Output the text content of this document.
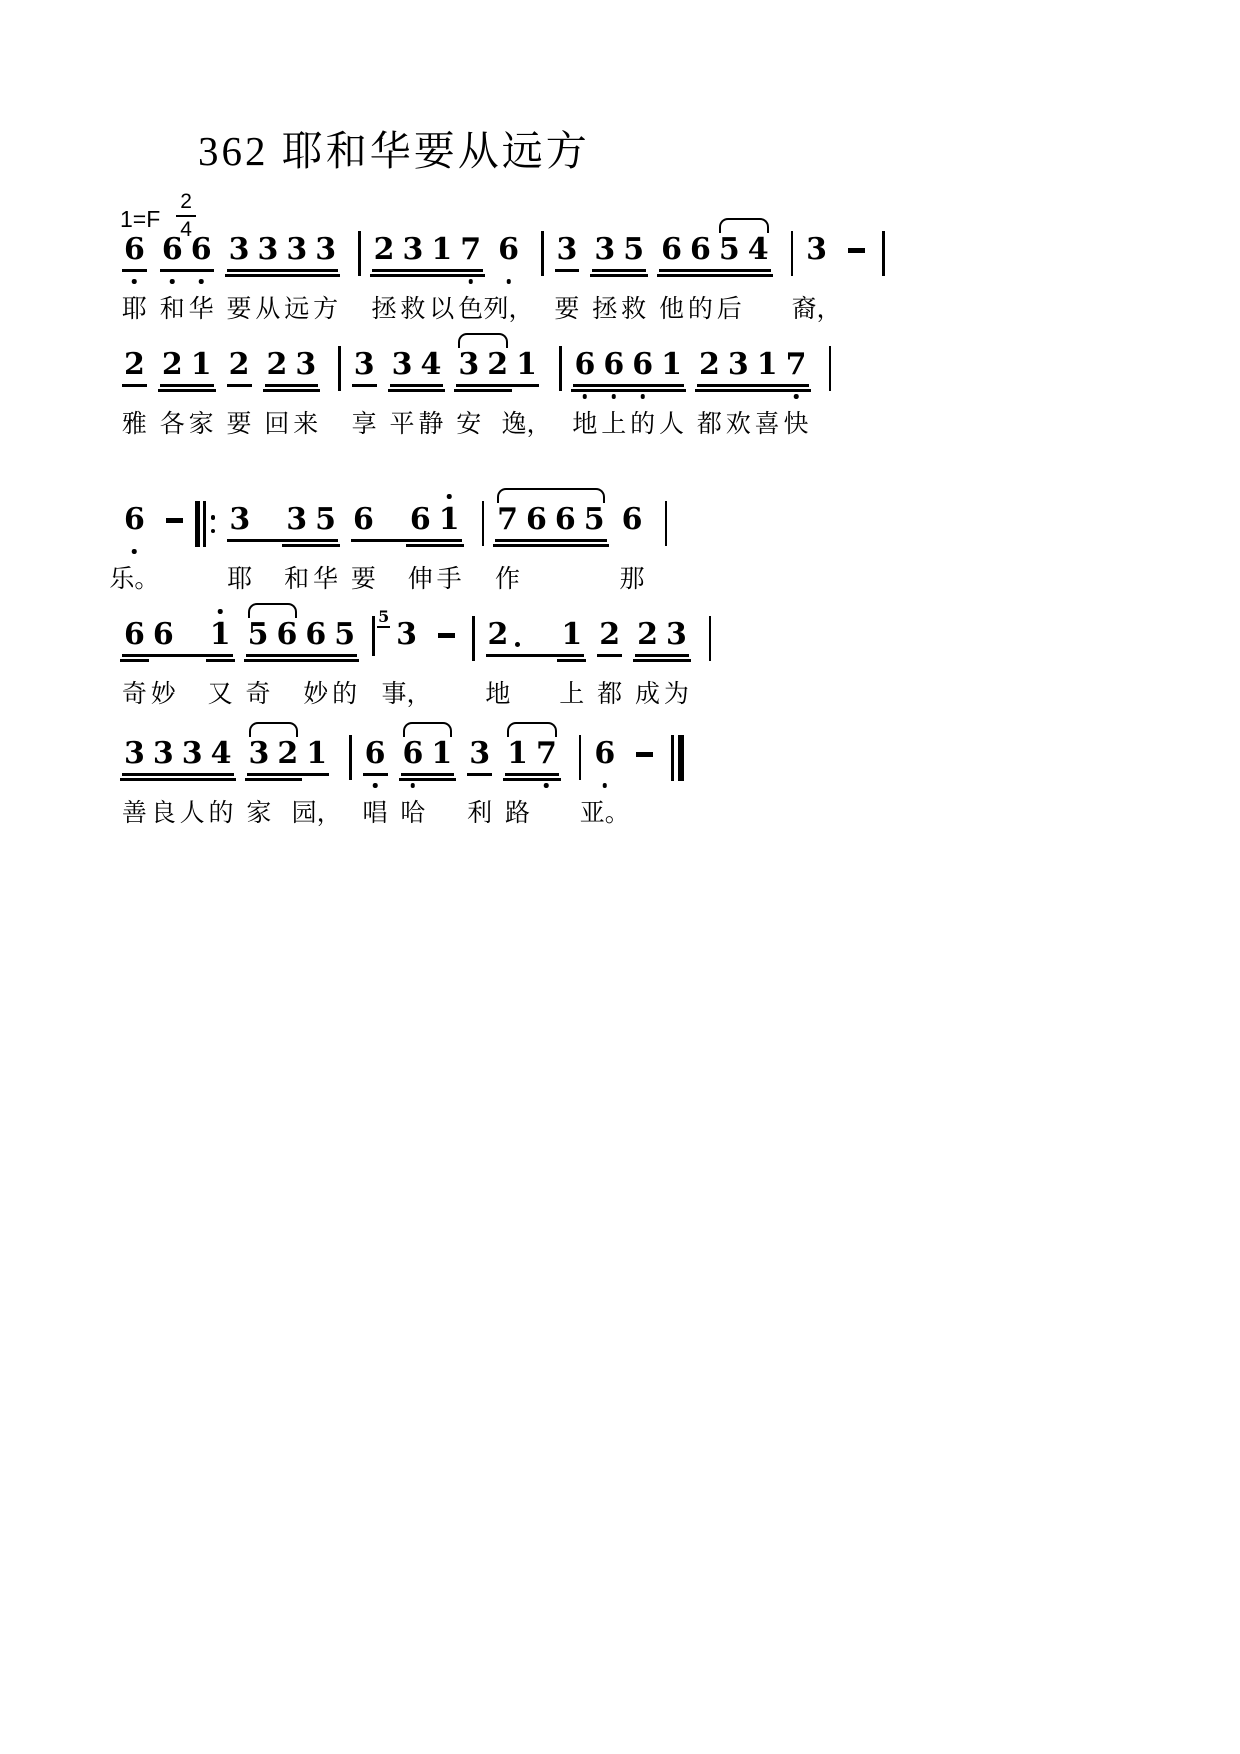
362 耶和华要从远方
$1=F \frac{2}{4}$
6
耶
6
和
6
华
3
要
3
从
3
远
3
方
2
拯
3
救
1
以
7
色
6
列，
3
要
3
拯
5
救
6
他
6
的
5
后
4 3
裔，
2
雅
2
各
1
家
2
要
2
回
3
来
3
享
3
平
4
静
3
安
2 1
逸，
6
地
6
上
6
的
1
人
2
都
3
欢
1
喜
7
快
6
乐。
3
耶
3
和
5
华
6
要
6
伸
1
手
7
作
6 6 5 6
那
6
奇
6
妙
1
又
5
奇
6 6
妙
5
的
5
3
事，
2
地
1
上
2
都
2
成
3
为
3
善
3
良
3
人
4
的
3
家
2 1
园，
6
唱
6
哈
1 3
利
1
路
7 6
亚。
